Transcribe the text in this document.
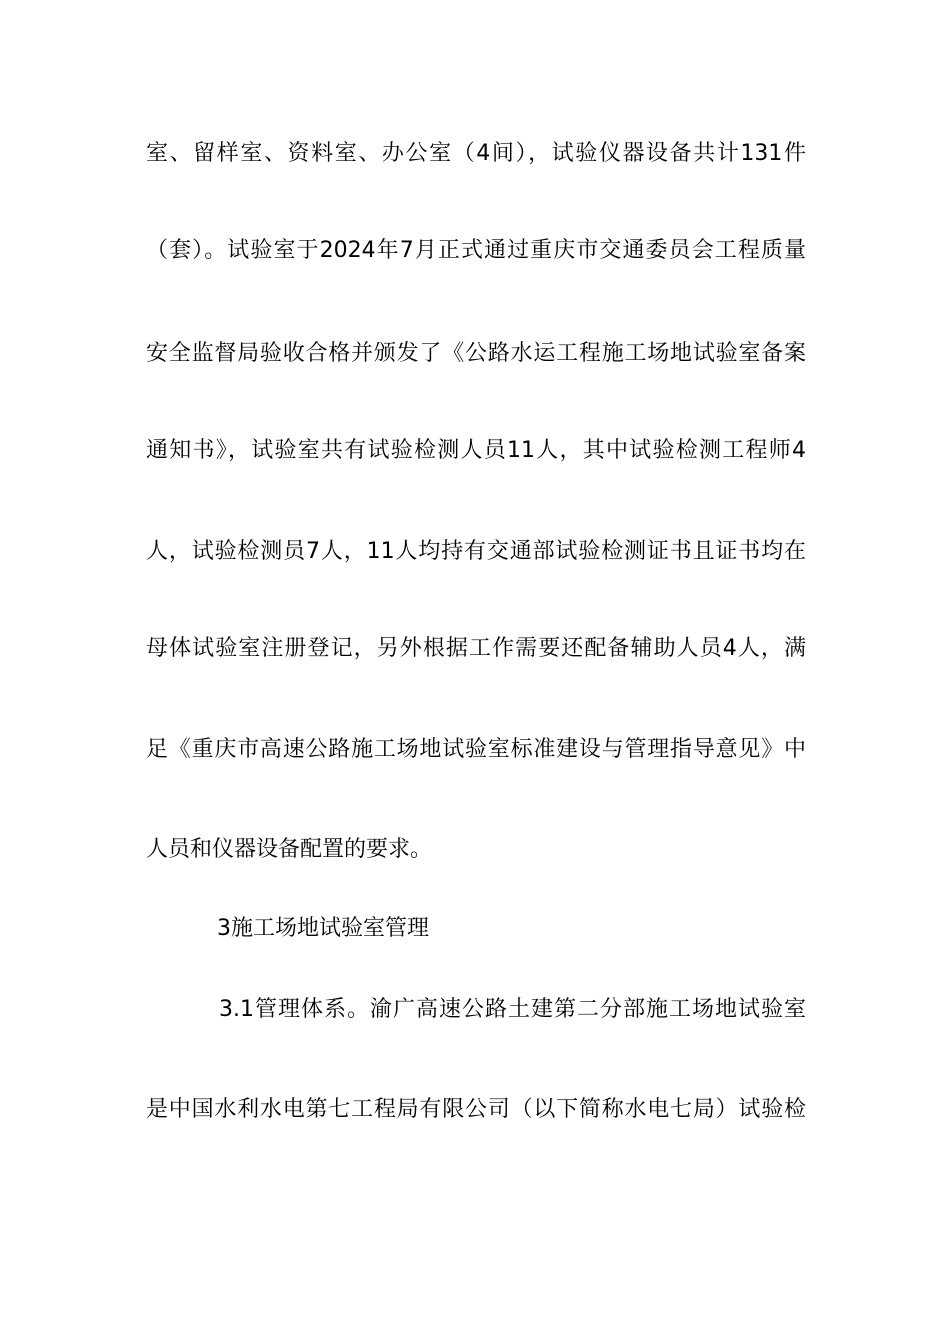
室、留样室、资料室、办公室（4间），试验仪器设备共计131件
（套）。试验室于2024年7月正式通过重庆市交通委员会工程质量
安全监督局验收合格并颁发了《公路水运工程施工场地试验室备案
通知书》，试验室共有试验检测人员11人，其中试验检测工程师4
人，试验检测员7人，11人均持有交通部试验检测证书且证书均在
母体试验室注册登记，另外根据工作需要还配备辅助人员4人，满
足《重庆市高速公路施工场地试验室标准建设与管理指导意见》中
人员和仪器设备配置的要求。
3施工场地试验室管理
3.1管理体系。渝广高速公路土建第二分部施工场地试验室
是中国水利水电第七工程局有限公司（以下简称水电七局）试验检
